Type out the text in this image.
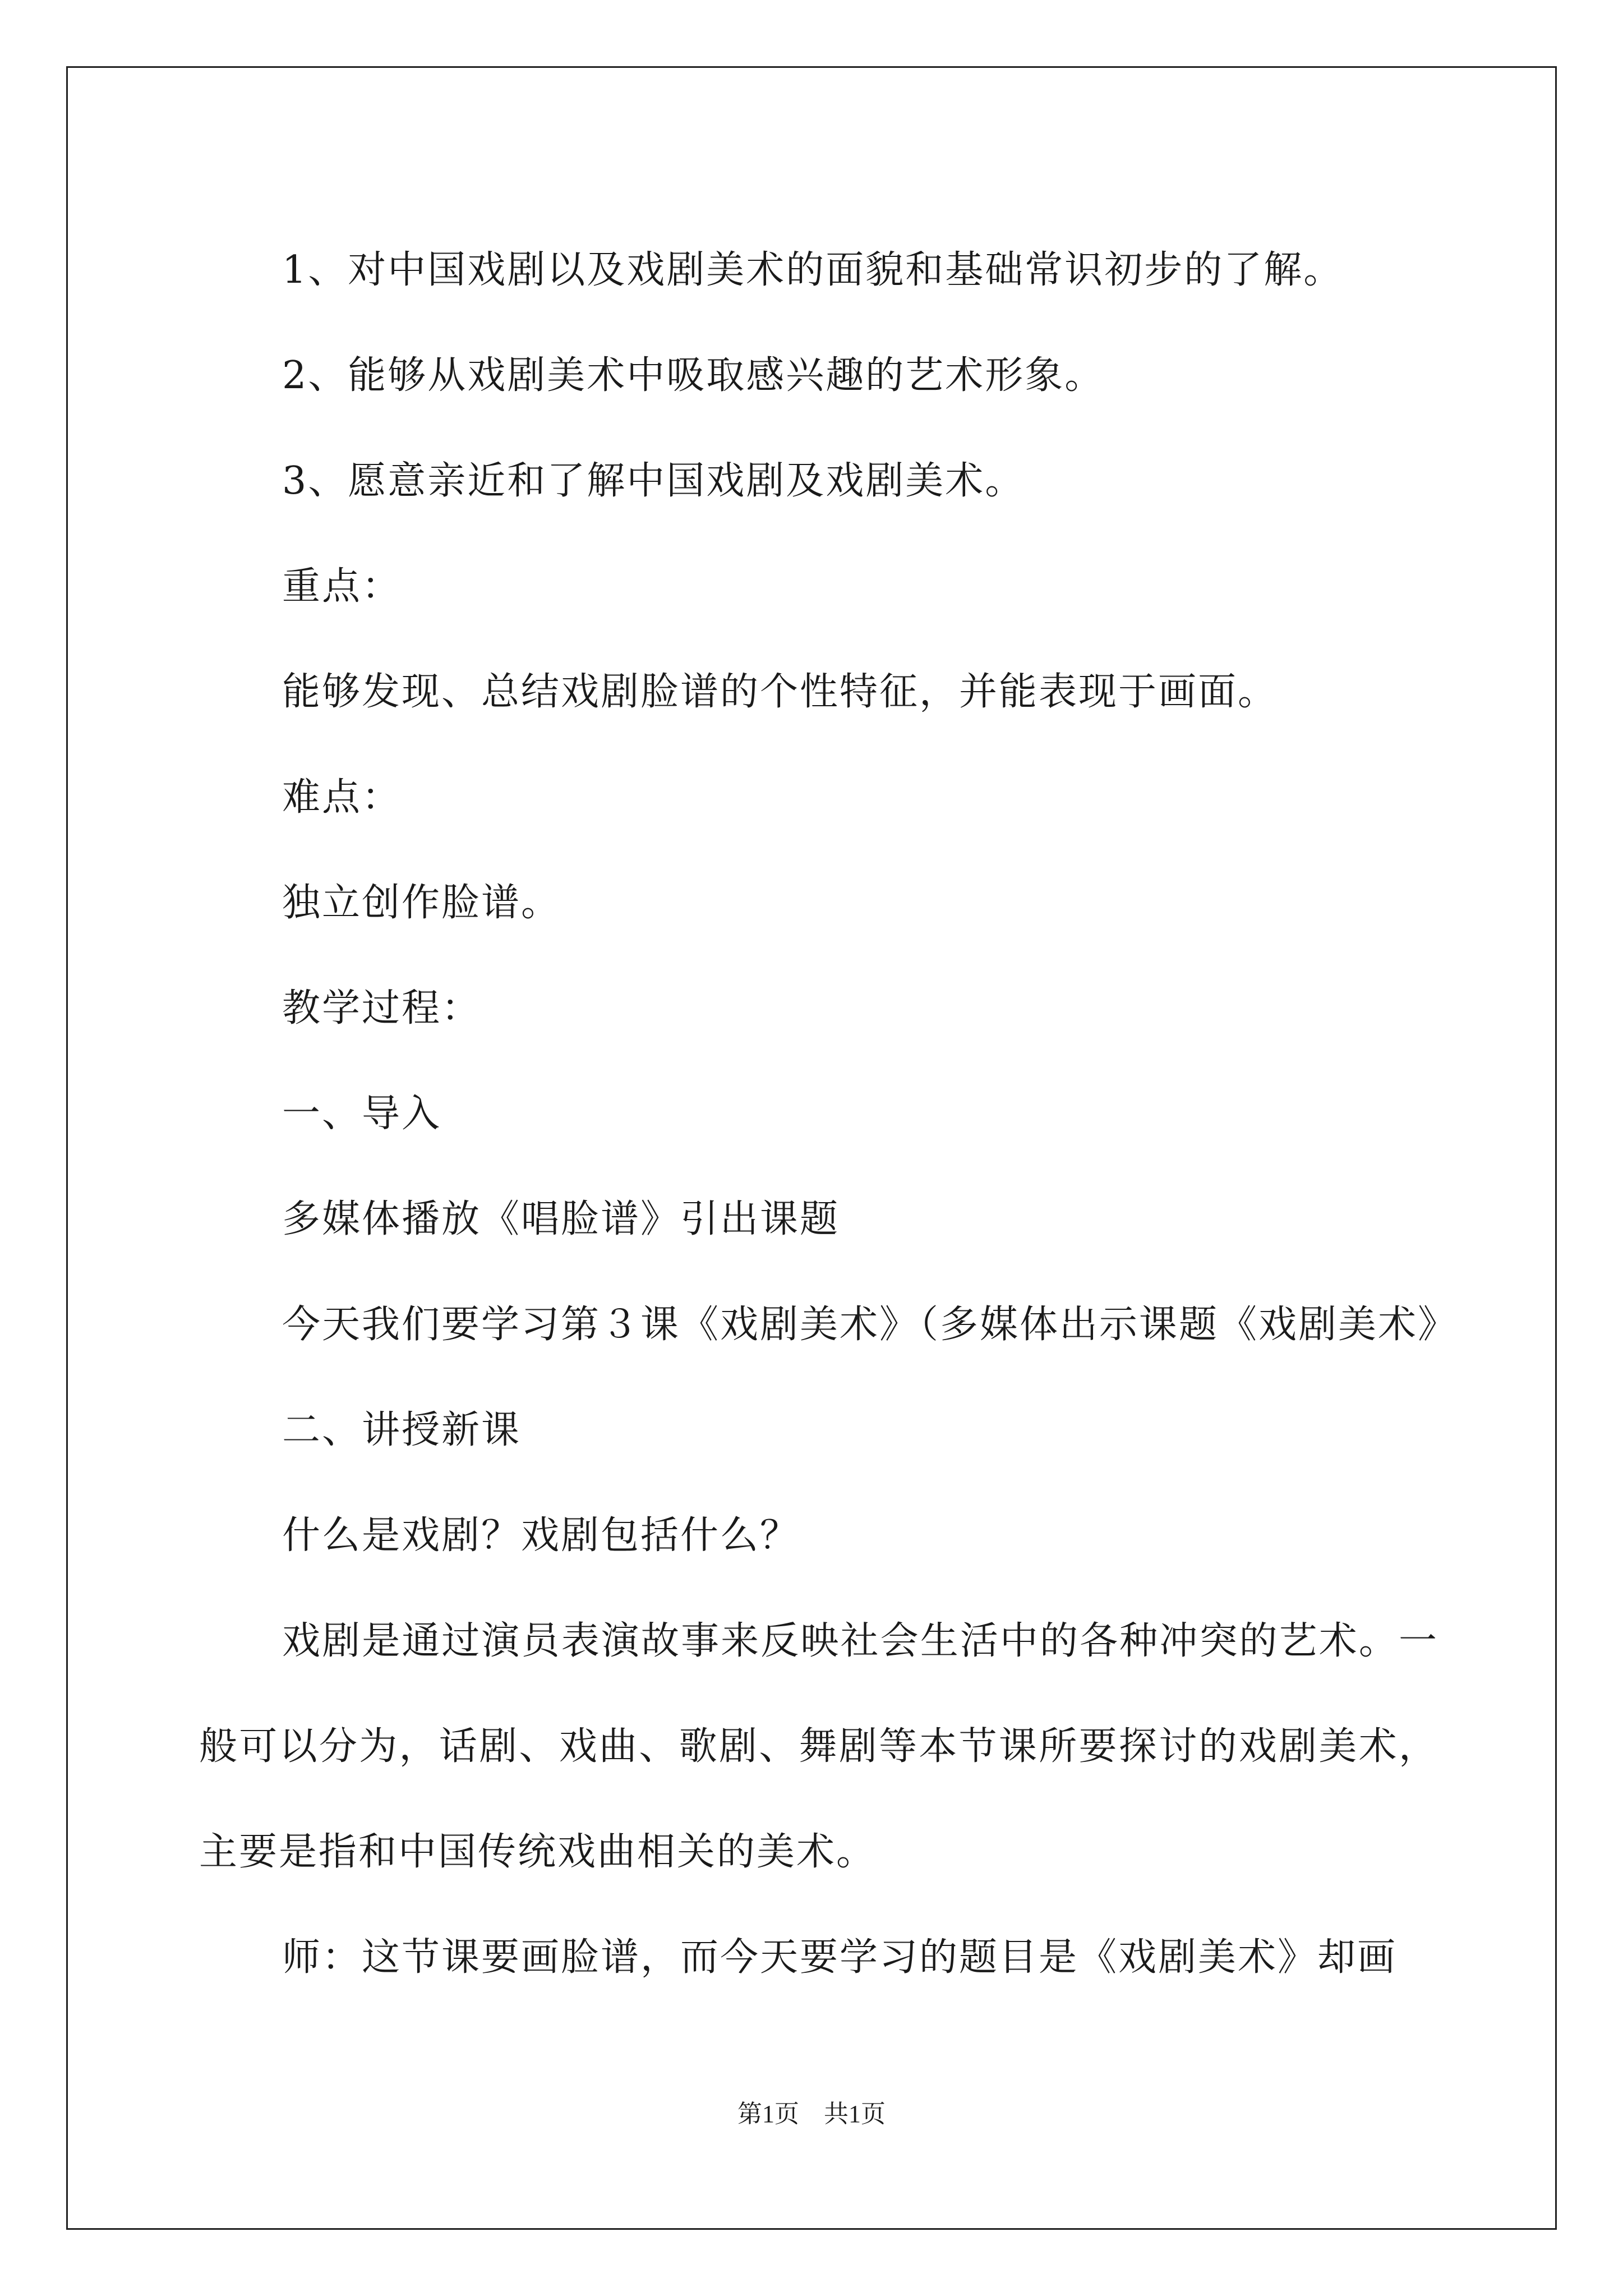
1、对中国戏剧以及戏剧美术的面貌和基础常识初步的了解。

2、能够从戏剧美术中吸取感兴趣的艺术形象。

3、愿意亲近和了解中国戏剧及戏剧美术。

重点：

能够发现、总结戏剧脸谱的个性特征，并能表现于画面。

难点：

独立创作脸谱。

教学过程：

一、导入

多媒体播放《唱脸谱》引出课题

今天我们要学习第３课《戏剧美术》（多媒体出示课题《戏剧美术》

二、讲授新课

什么是戏剧？戏剧包括什么？

戏剧是通过演员表演故事来反映社会生活中的各种冲突的艺术。一般可以分为，话剧、戏曲、歌剧、舞剧等本节课所要探讨的戏剧美术，主要是指和中国传统戏曲相关的美术。

师：这节课要画脸谱，而今天要学习的题目是《戏剧美术》却画

第1页　共1页
